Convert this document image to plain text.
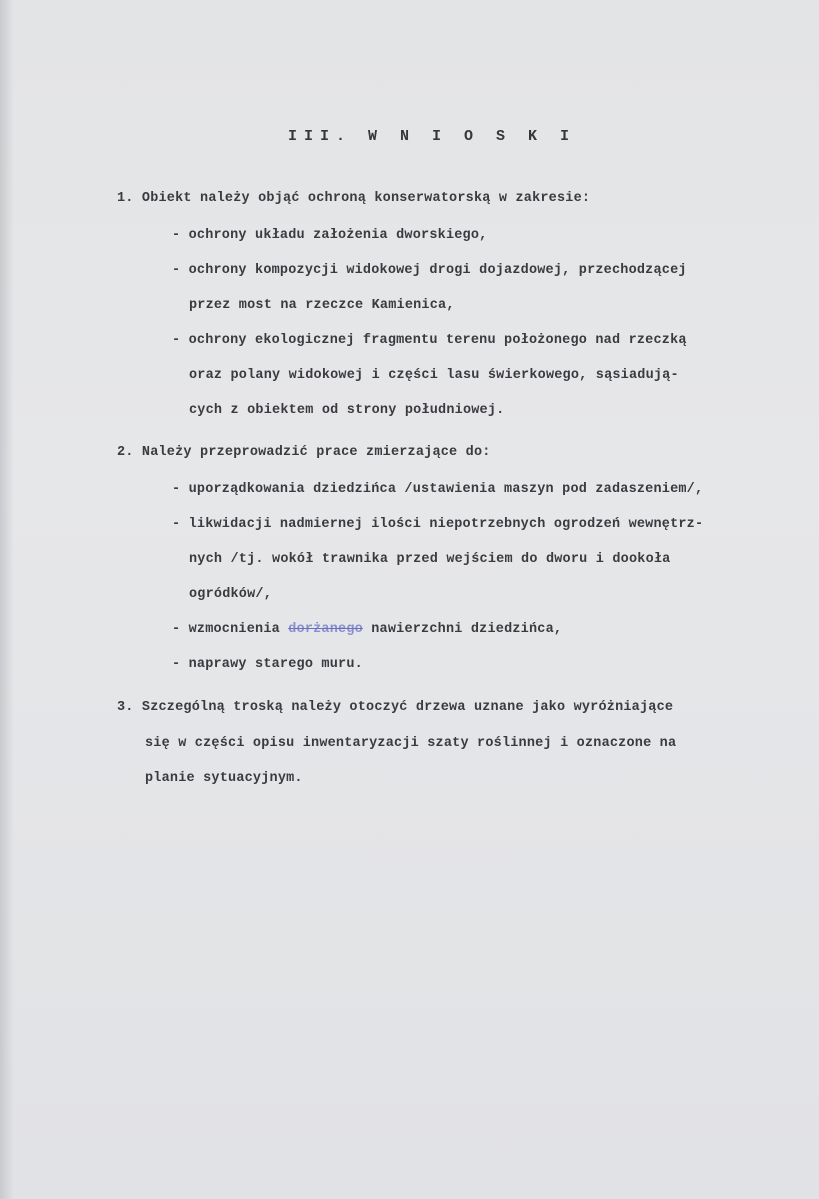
III. W N I O S K I
1. Obiekt należy objąć ochroną konserwatorską w zakresie:
- ochrony układu założenia dworskiego,
- ochrony kompozycji widokowej drogi dojazdowej, przechodzącej
przez most na rzeczce Kamienica,
- ochrony ekologicznej fragmentu terenu położonego nad rzeczką
oraz polany widokowej i części lasu świerkowego, sąsiadują-
cych z obiektem od strony południowej.
2. Należy przeprowadzić prace zmierzające do:
- uporządkowania dziedzińca /ustawienia maszyn pod zadaszeniem/,
- likwidacji nadmiernej ilości niepotrzebnych ogrodzeń wewnętrz-
nych /tj. wokół trawnika przed wejściem do dworu i dookoła
ogródków/,
- wzmocnienia dorżanego nawierzchni dziedzińca,
- naprawy starego muru.
3. Szczególną troską należy otoczyć drzewa uznane jako wyróżniające
się w części opisu inwentaryzacji szaty roślinnej i oznaczone na
planie sytuacyjnym.
